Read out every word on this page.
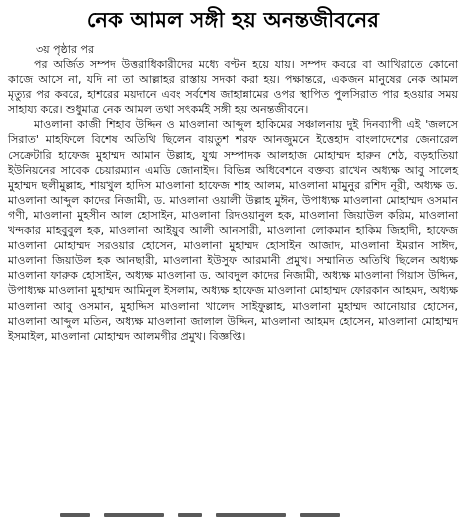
নেক আমল সঙ্গী হয় অনন্তজীবনের

৩য় পৃষ্ঠার পর

পর অর্জিত সম্পদ উত্তরাধিকারীদের মধ্যে বণ্টন হয়ে যায়। সম্পদ কবরে বা আখিরাতে কোনো কাজে আসে না, যদি না তা আল্লাহর রাস্তায় সদকা করা হয়। পক্ষান্তরে, একজন মানুষের নেক আমল মৃত্যুর পর কবরে, হাশরের ময়দানে এবং সর্বশেষ জাহান্নামের ওপর স্থাপিত পুলসিরাত পার হওয়ার সময় সাহায্য করে। শুধুমাত্র নেক আমল তথা সৎকর্মই সঙ্গী হয় অনন্তজীবনে।

মাওলানা কাজী শিহাব উদ্দিন ও মাওলানা আব্দুল হাকিমের সঞ্চালনায় দুই দিনব্যাপী এই 'জলসে সিরাত' মাহফিলে বিশেষ অতিথি ছিলেন বায়তুশ শরফ আনজুমনে ইত্তেহাদ বাংলাদেশের জেনারেল সেক্রেটারি হাফেজ মুহাম্মদ আমান উল্লাহ, যুগ্ম সম্পাদক আলহাজ মোহাম্মদ হারুন শেঠ, বড়হাতিয়া ইউনিয়নের সাবেক চেয়ারম্যান এমডি জোনাইদ। বিভিন্ন অধিবেশনে বক্তব্য রাখেন অধ্যক্ষ আবু সালেহ মুহাম্মদ ছলীমুল্লাহ, শায়খুল হাদিস মাওলানা হাফেজ শাহ আলম, মাওলানা মামুনুর রশিদ নূরী, অধ্যক্ষ ড. মাওলানা আব্দুল কাদের নিজামী, ড. মাওলানা ওয়ালী উল্লাহ মুঈন, উপাধ্যক্ষ মাওলানা মোহাম্মদ ওসমান গণী, মাওলানা মুহসীন আল হোসাইন, মাওলানা রিদওয়ানুল হক, মাওলানা জিয়াউল করিম, মাওলানা খন্দকার মাহবুবুল হক, মাওলানা আইয়ুব আলী আনসারী, মাওলানা লোকমান হাকিম জিহাদী, হাফেজ মাওলানা মোহাম্মদ সরওয়ার হোসেন, মাওলানা মুহাম্মদ হোসাইন আজাদ, মাওলানা ইমরান সাঈদ, মাওলানা জিয়াউল হক আনছারী, মাওলানা ইউসুফ আরমানী প্রমুখ। সম্মানিত অতিথি ছিলেন অধ্যক্ষ মাওলানা ফারুক হোসাইন, অধ্যক্ষ মাওলানা ড. আবদুল কাদের নিজামী, অধ্যক্ষ মাওলানা গিয়াস উদ্দিন, উপাধ্যক্ষ মাওলানা মুহাম্মদ আমিনুল ইসলাম, অধ্যক্ষ হাফেজ মাওলানা মোহাম্মদ ফোরকান আহমদ, অধ্যক্ষ মাওলানা আবু ওসমান, মুহাদ্দিস মাওলানা খালেদ সাইফুল্লাহ, মাওলানা মুহাম্মদ আনোয়ার হোসেন, মাওলানা আব্দুল মতিন, অধ্যক্ষ মাওলানা জালাল উদ্দিন, মাওলানা আহমদ হোসেন, মাওলানা মোহাম্মদ ইসমাইল, মাওলানা মোহাম্মদ আলমগীর প্রমুখ। বিজ্ঞপ্তি।
